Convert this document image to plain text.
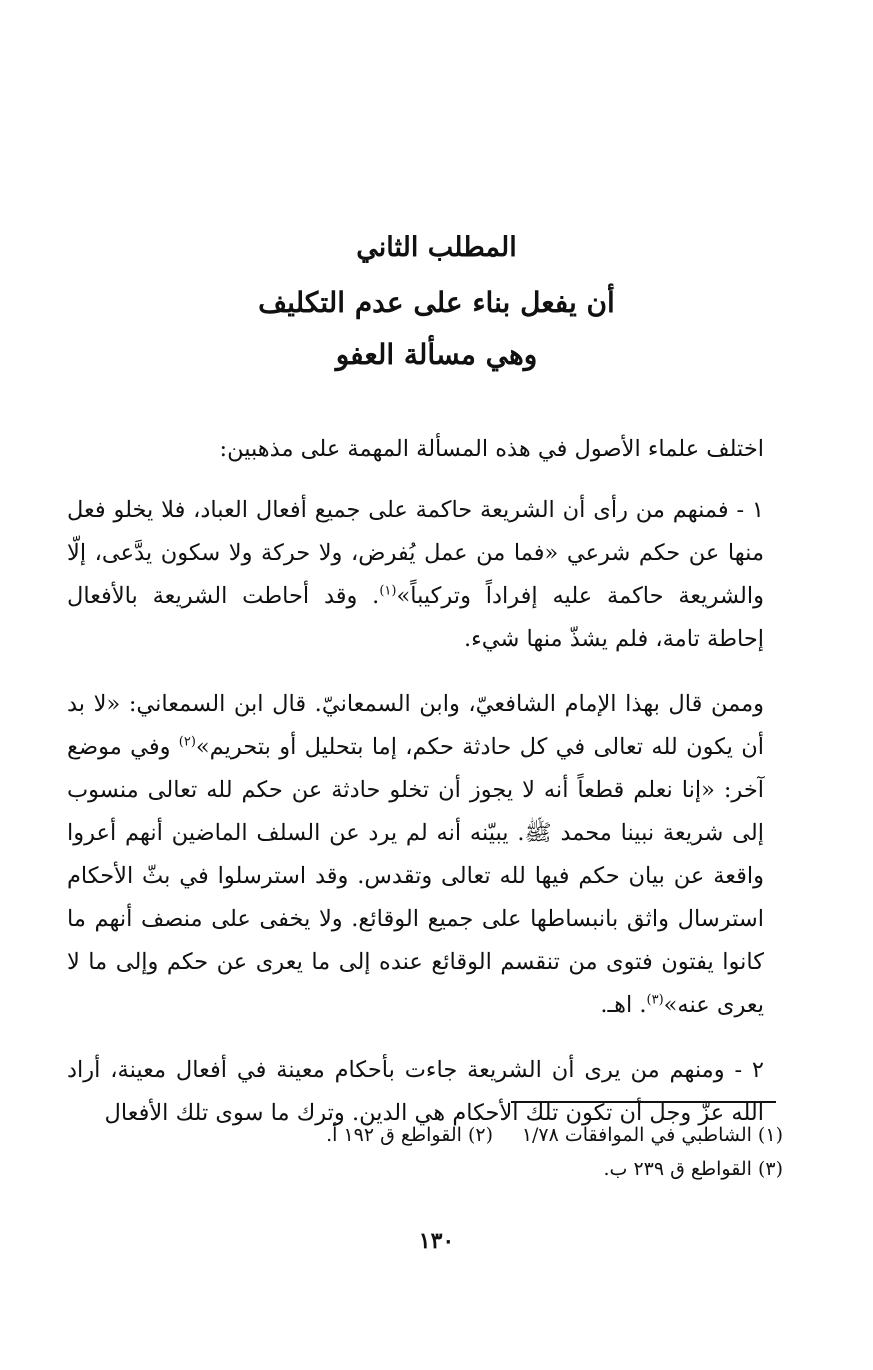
المطلب الثاني
أن يفعل بناء على عدم التكليف
وهي مسألة العفو

اختلف علماء الأصول في هذه المسألة المهمة على مذهبين:

١ - فمنهم من رأى أن الشريعة حاكمة على جميع أفعال العباد، فلا يخلو فعل منها عن حكم شرعي «فما من عمل يُفرض، ولا حركة ولا سكون يدَّعى، إلّا والشريعة حاكمة عليه إفراداً وتركيباً»$^{(١)}$. وقد أحاطت الشريعة بالأفعال إحاطة تامة، فلم يشذّ منها شيء.

وممن قال بهذا الإمام الشافعيّ، وابن السمعانيّ. قال ابن السمعاني: «لا بد أن يكون لله تعالى في كل حادثة حكم، إما بتحليل أو بتحريم»$^{(٢)}$ وفي موضع آخر: «إنا نعلم قطعاً أنه لا يجوز أن تخلو حادثة عن حكم لله تعالى منسوب إلى شريعة نبينا محمد ﷺ. يبيّنه أنه لم يرد عن السلف الماضين أنهم أعروا واقعة عن بيان حكم فيها لله تعالى وتقدس. وقد استرسلوا في بثّ الأحكام استرسال واثق بانبساطها على جميع الوقائع. ولا يخفى على منصف أنهم ما كانوا يفتون فتوى من تنقسم الوقائع عنده إلى ما يعرى عن حكم وإلى ما لا يعرى عنه»$^{(٣)}$. اهـ.

٢ - ومنهم من يرى أن الشريعة جاءت بأحكام معينة في أفعال معينة، أراد الله عزّ وجل أن تكون تلك الأحكام هي الدين. وترك ما سوى تلك الأفعال

(١) الشاطبي في الموافقات ١/٧٨
(٢) القواطع ق ١٩٢ أ.
(٣) القواطع ق ٢٣٩ ب.
١٣٠
